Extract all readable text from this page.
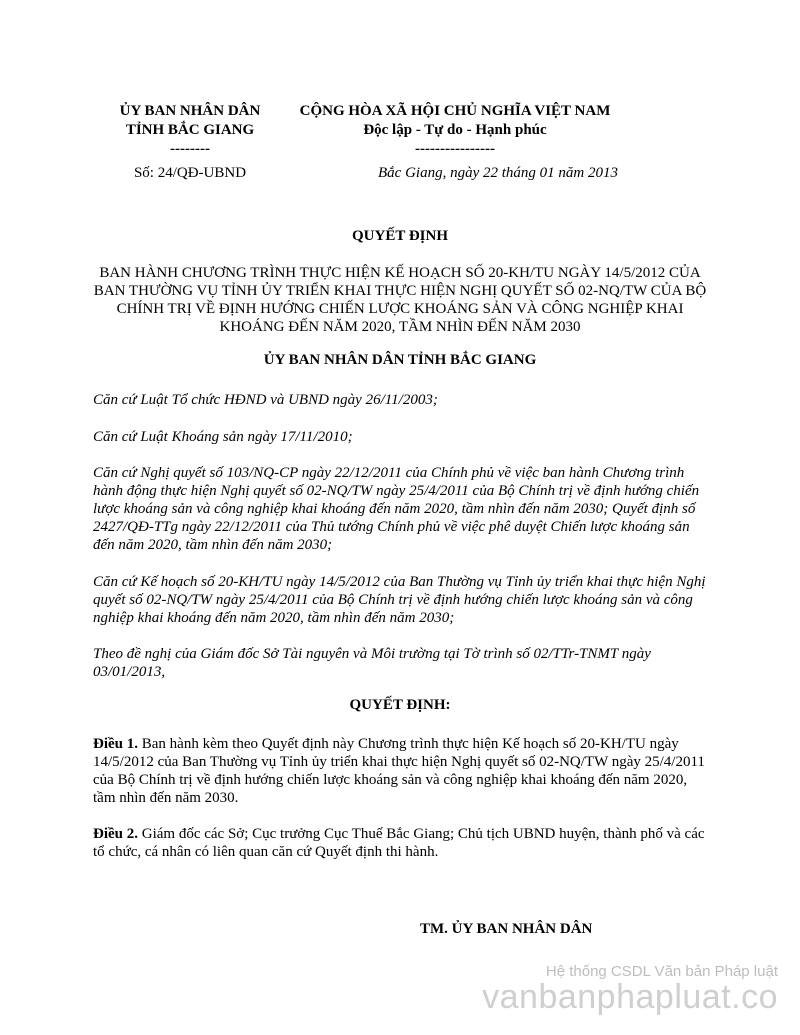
ỦY BAN NHÂN DÂN
TỈNH BẮC GIANG
--------
CỘNG HÒA XÃ HỘI CHỦ NGHĨA VIỆT NAM
Độc lập - Tự do - Hạnh phúc
----------------
Số: 24/QĐ-UBND	Bắc Giang, ngày 22 tháng 01 năm 2013
QUYẾT ĐỊNH
BAN HÀNH CHƯƠNG TRÌNH THỰC HIỆN KẾ HOẠCH SỐ 20-KH/TU NGÀY 14/5/2012 CỦA BAN THƯỜNG VỤ TỈNH ỦY TRIỂN KHAI THỰC HIỆN NGHỊ QUYẾT SỐ 02-NQ/TW CỦA BỘ CHÍNH TRỊ VỀ ĐỊNH HƯỚNG CHIẾN LƯỢC KHOÁNG SẢN VÀ CÔNG NGHIỆP KHAI KHOÁNG ĐẾN NĂM 2020, TẦM NHÌN ĐẾN NĂM 2030
ỦY BAN NHÂN DÂN TỈNH BẮC GIANG
Căn cứ Luật Tổ chức HĐND và UBND ngày 26/11/2003;
Căn cứ Luật Khoáng sản ngày 17/11/2010;
Căn cứ Nghị quyết số 103/NQ-CP ngày 22/12/2011 của Chính phủ về việc ban hành Chương trình hành động thực hiện Nghị quyết số 02-NQ/TW ngày 25/4/2011 của Bộ Chính trị về định hướng chiến lược khoáng sản và công nghiệp khai khoáng đến năm 2020, tầm nhìn đến năm 2030; Quyết định số 2427/QĐ-TTg ngày 22/12/2011 của Thủ tướng Chính phủ về việc phê duyệt Chiến lược khoáng sản đến năm 2020, tầm nhìn đến năm 2030;
Căn cứ Kế hoạch số 20-KH/TU ngày 14/5/2012 của Ban Thường vụ Tỉnh ủy triển khai thực hiện Nghị quyết số 02-NQ/TW ngày 25/4/2011 của Bộ Chính trị về định hướng chiến lược khoáng sản và công nghiệp khai khoáng đến năm 2020, tầm nhìn đến năm 2030;
Theo đề nghị của Giám đốc Sở Tài nguyên và Môi trường tại Tờ trình số 02/TTr-TNMT ngày 03/01/2013,
QUYẾT ĐỊNH:
Điều 1. Ban hành kèm theo Quyết định này Chương trình thực hiện Kế hoạch số 20-KH/TU ngày 14/5/2012 của Ban Thường vụ Tỉnh ủy triển khai thực hiện Nghị quyết số 02-NQ/TW ngày 25/4/2011 của Bộ Chính trị về định hướng chiến lược khoáng sản và công nghiệp khai khoáng đến năm 2020, tầm nhìn đến năm 2030.
Điều 2. Giám đốc các Sở; Cục trưởng Cục Thuế Bắc Giang; Chủ tịch UBND huyện, thành phố và các tổ chức, cá nhân có liên quan căn cứ Quyết định thi hành.
TM. ỦY BAN NHÂN DÂN
Hệ thống CSDL Văn bản Pháp luật
vanbanphapluat.co
